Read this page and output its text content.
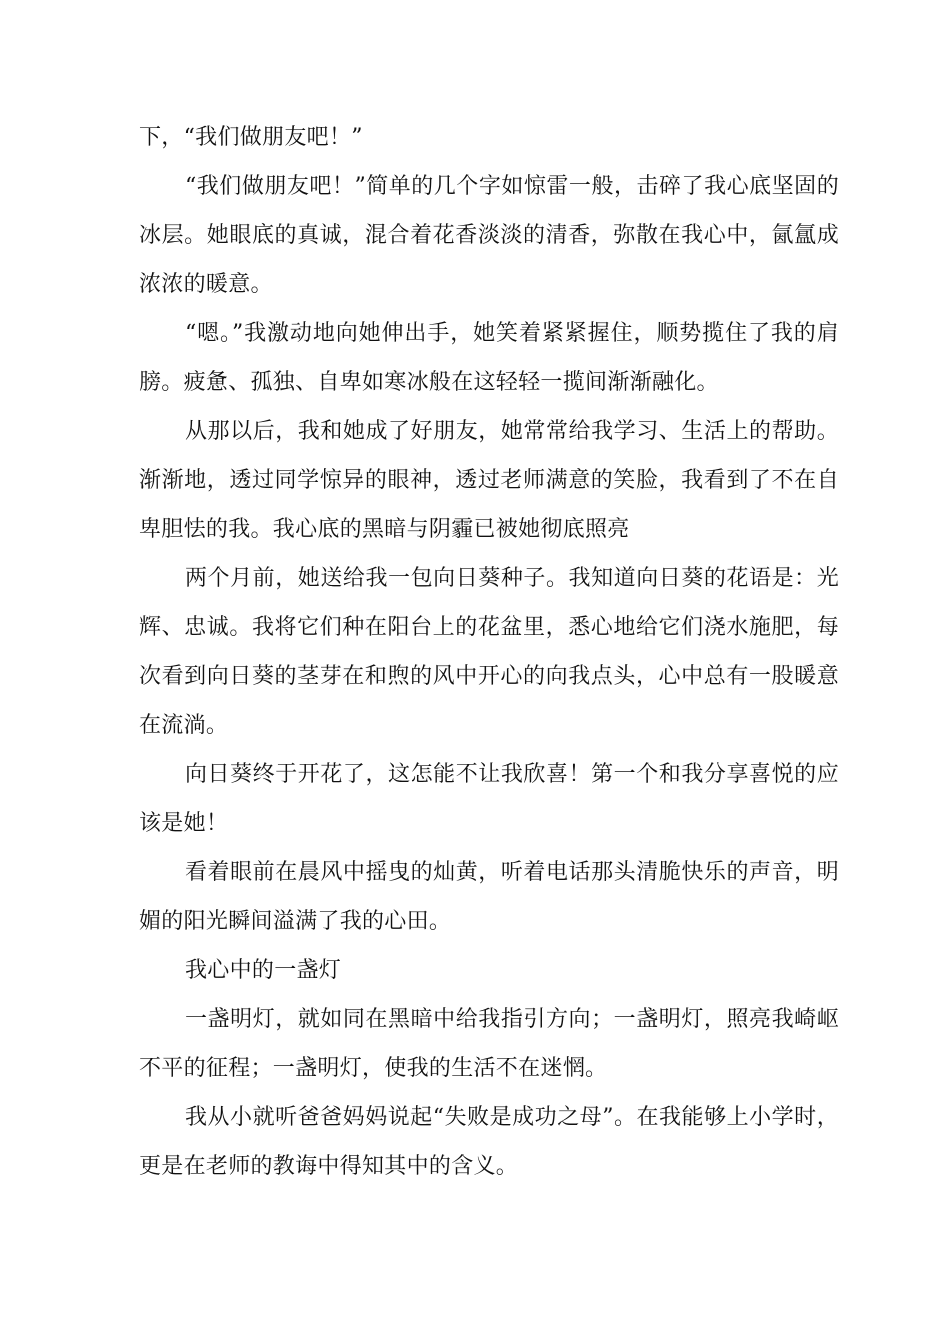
下，“我们做朋友吧！”

“我们做朋友吧！”简单的几个字如惊雷一般，击碎了我心底坚固的冰层。她眼底的真诚，混合着花香淡淡的清香，弥散在我心中，氤氲成浓浓的暖意。

“嗯。”我激动地向她伸出手，她笑着紧紧握住，顺势揽住了我的肩膀。疲惫、孤独、自卑如寒冰般在这轻轻一揽间渐渐融化。

从那以后，我和她成了好朋友，她常常给我学习、生活上的帮助。渐渐地，透过同学惊异的眼神，透过老师满意的笑脸，我看到了不在自卑胆怯的我。我心底的黑暗与阴霾已被她彻底照亮

两个月前，她送给我一包向日葵种子。我知道向日葵的花语是：光辉、忠诚。我将它们种在阳台上的花盆里，悉心地给它们浇水施肥，每次看到向日葵的茎芽在和煦的风中开心的向我点头，心中总有一股暖意在流淌。

向日葵终于开花了，这怎能不让我欣喜！第一个和我分享喜悦的应该是她！

看着眼前在晨风中摇曳的灿黄，听着电话那头清脆快乐的声音，明媚的阳光瞬间溢满了我的心田。

我心中的一盏灯

一盏明灯，就如同在黑暗中给我指引方向；一盏明灯，照亮我崎岖不平的征程；一盏明灯，使我的生活不在迷惘。

我从小就听爸爸妈妈说起“失败是成功之母”。在我能够上小学时，更是在老师的教诲中得知其中的含义。
